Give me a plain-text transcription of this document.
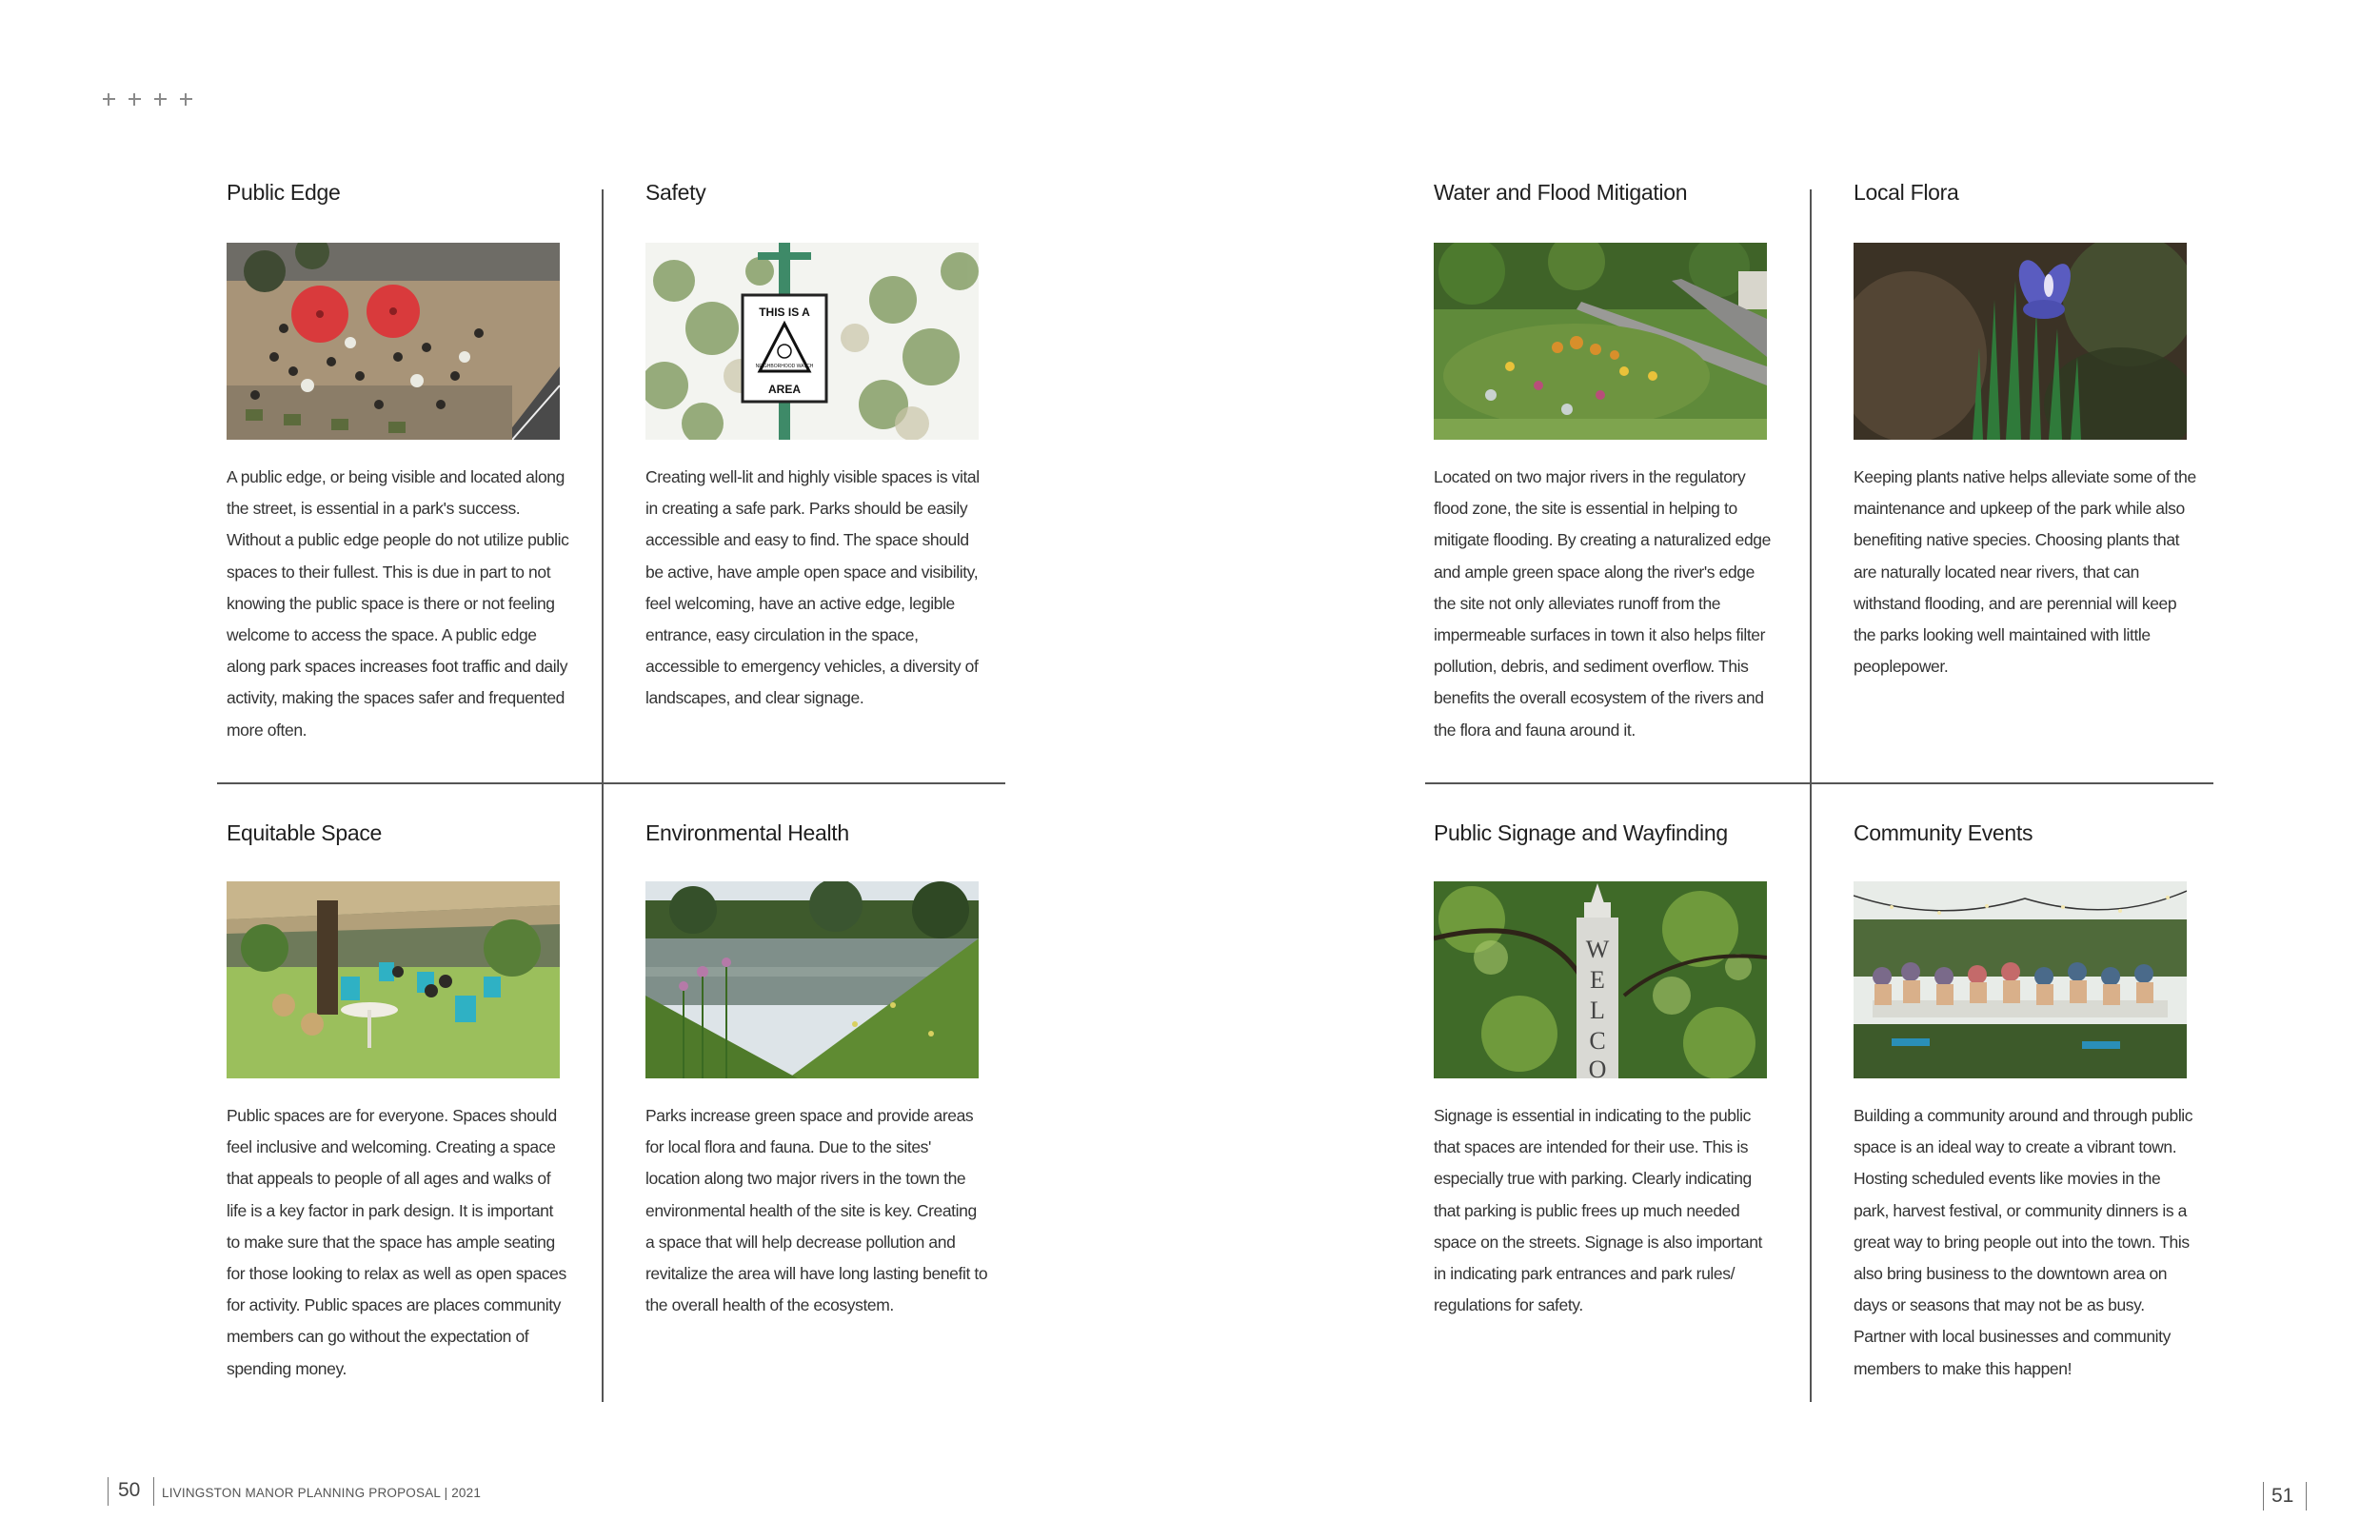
Public Edge

A public edge, or being visible and located along the street, is essential in a park's success. Without a public edge people do not utilize public spaces to their fullest. This is due in part to not knowing the public space is there or not feeling welcome to access the space. A public edge along park spaces increases foot traffic and daily activity, making the spaces safer and frequented more often.

Safety
THIS IS A
NEIGHBORHOOD WATCH
AREA

Creating well-lit and highly visible spaces is vital in creating a safe park. Parks should be easily accessible and easy to find. The space should be active, have ample open space and visibility, feel welcoming, have an active edge, legible entrance, easy circulation in the space, accessible to emergency vehicles, a diversity of landscapes, and clear signage.

Water and Flood Mitigation

Located on two major rivers in the regulatory flood zone, the site is essential in helping to mitigate flooding. By creating a naturalized edge and ample green space along the river's edge the site not only alleviates runoff from the impermeable surfaces in town it also helps filter pollution, debris, and sediment overflow. This benefits the overall ecosystem of the rivers and the flora and fauna around it.

Local Flora

Keeping plants native helps alleviate some of the maintenance and upkeep of the park while also benefiting native species. Choosing plants that are naturally located near rivers, that can withstand flooding, and are perennial will keep the parks looking well maintained with little peoplepower.

Equitable Space

Public spaces are for everyone. Spaces should feel inclusive and welcoming. Creating a space that appeals to people of all ages and walks of life is a key factor in park design. It is important to make sure that the space has ample seating for those looking to relax as well as open spaces for activity. Public spaces are places community members can go without the expectation of spending money.

Environmental Health

Parks increase green space and provide areas for local flora and fauna. Due to the sites' location along two major rivers in the town the environmental health of the site is key. Creating a space that will help decrease pollution and revitalize the area will have long lasting benefit to the overall health of the ecosystem.

Public Signage and Wayfinding
W
E
L
C
O

Signage is essential in indicating to the public that spaces are intended for their use. This is especially true with parking. Clearly indicating that parking is public frees up much needed space on the streets. Signage is also important in indicating park entrances and park rules/ regulations for safety.

Community Events

Building a community around and through public space is an ideal way to create a vibrant town. Hosting scheduled events like movies in the park, harvest festival, or community dinners is a great way to bring people out into the town. This also bring business to the downtown area on days or seasons that may not be as busy. Partner with local businesses and community members to make this happen!

50 LIVINGSTON MANOR PLANNING PROPOSAL | 2021	51
